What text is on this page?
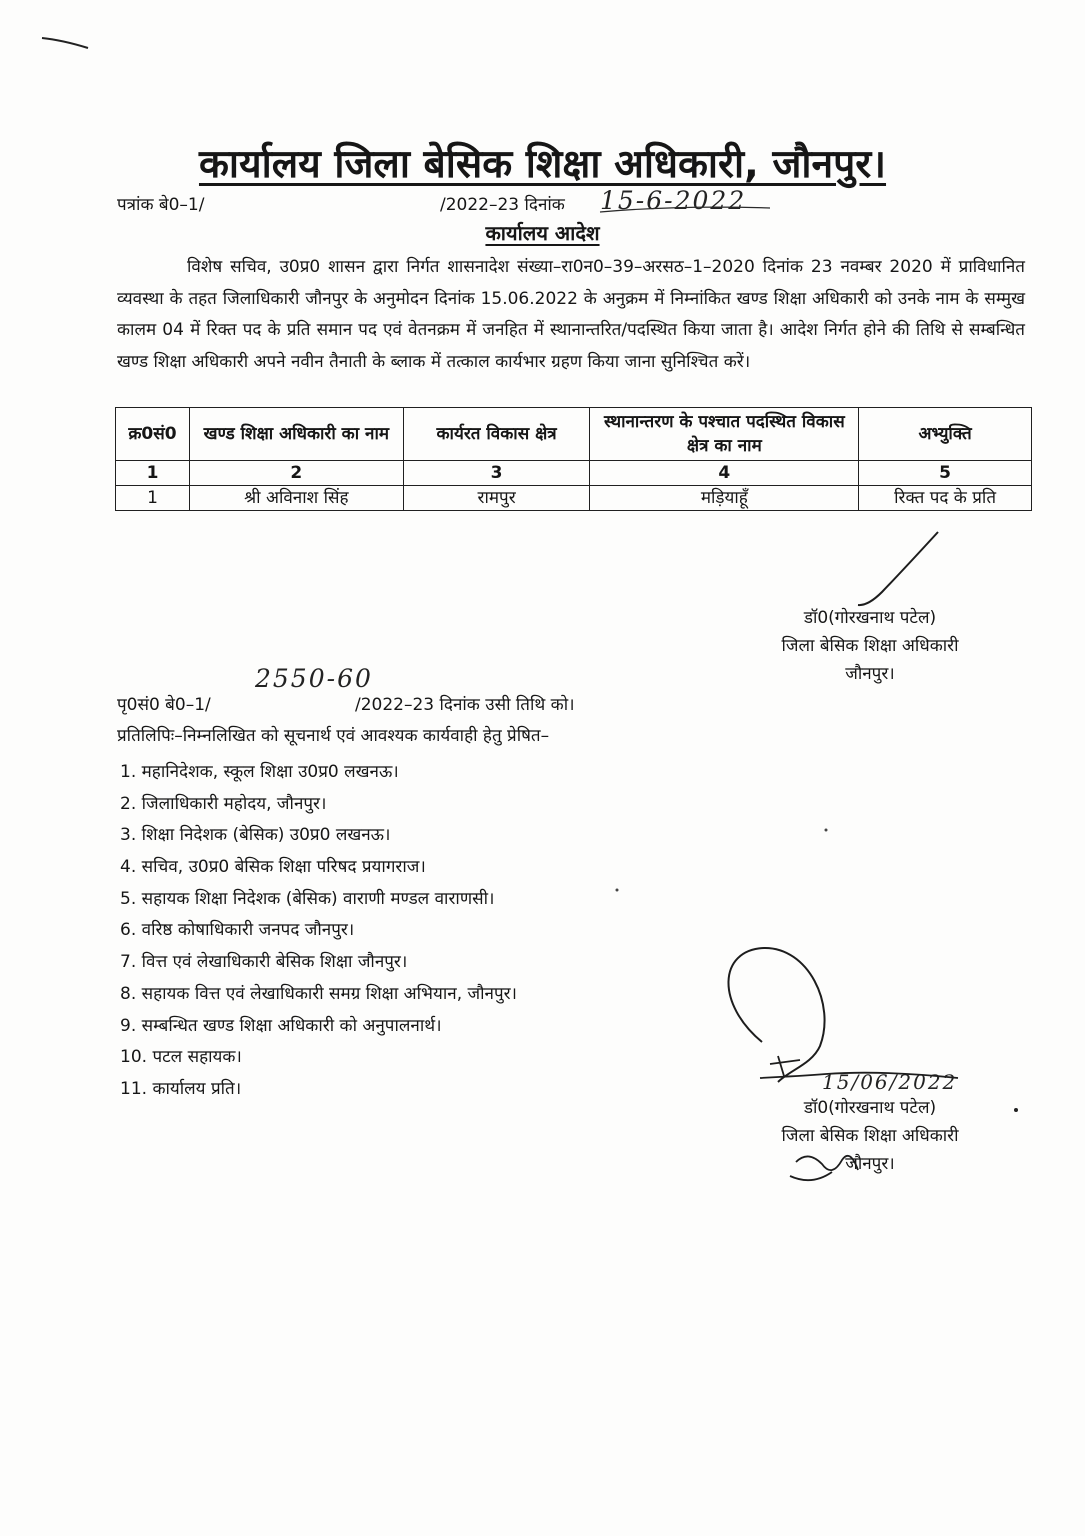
कार्यालय जिला बेसिक शिक्षा अधिकारी, जौनपुर।
पत्रांक बे0–1/	/2022–23 दिनांक 15-6-2022
कार्यालय आदेश
विशेष सचिव, उ0प्र0 शासन द्वारा निर्गत शासनादेश संख्या–रा0न0–39–अरसठ–1–2020 दिनांक 23 नवम्बर 2020 में प्राविधानित व्यवस्था के तहत जिलाधिकारी जौनपुर के अनुमोदन दिनांक 15.06.2022 के अनुक्रम में निम्नांकित खण्ड शिक्षा अधिकारी को उनके नाम के सम्मुख कालम 04 में रिक्त पद के प्रति समान पद एवं वेतनक्रम में जनहित में स्थानान्तरित/पदस्थित किया जाता है। आदेश निर्गत होने की तिथि से सम्बन्धित खण्ड शिक्षा अधिकारी अपने नवीन तैनाती के ब्लाक में तत्काल कार्यभार ग्रहण किया जाना सुनिश्चित करें।
क्र0सं0	खण्ड शिक्षा अधिकारी का नाम	कार्यरत विकास क्षेत्र	स्थानान्तरण के पश्चात पदस्थित विकास क्षेत्र का नाम	अभ्युक्ति
1	2	3	4	5
1	श्री अविनाश सिंह	रामपुर	मड़ियाहूँ	रिक्त पद के प्रति
डॉ0(गोरखनाथ पटेल)
जिला बेसिक शिक्षा अधिकारी
जौनपुर।
पृ0सं0 बे0–1/
2550-60
/2022–23 दिनांक उसी तिथि को।
प्रतिलिपिः–निम्नलिखित को सूचनार्थ एवं आवश्यक कार्यवाही हेतु प्रेषित–
1. महानिदेशक, स्कूल शिक्षा उ0प्र0 लखनऊ।
2. जिलाधिकारी महोदय, जौनपुर।
3. शिक्षा निदेशक (बेसिक) उ0प्र0 लखनऊ।
4. सचिव, उ0प्र0 बेसिक शिक्षा परिषद प्रयागराज।
5. सहायक शिक्षा निदेशक (बेसिक) वाराणी मण्डल वाराणसी।
6. वरिष्ठ कोषाधिकारी जनपद जौनपुर।
7. वित्त एवं लेखाधिकारी बेसिक शिक्षा जौनपुर।
8. सहायक वित्त एवं लेखाधिकारी समग्र शिक्षा अभियान, जौनपुर।
9. सम्बन्धित खण्ड शिक्षा अधिकारी को अनुपालनार्थ।
10. पटल सहायक।
11. कार्यालय प्रति।	15/06/2022
डॉ0(गोरखनाथ पटेल)
जिला बेसिक शिक्षा अधिकारी
जौनपुर।
